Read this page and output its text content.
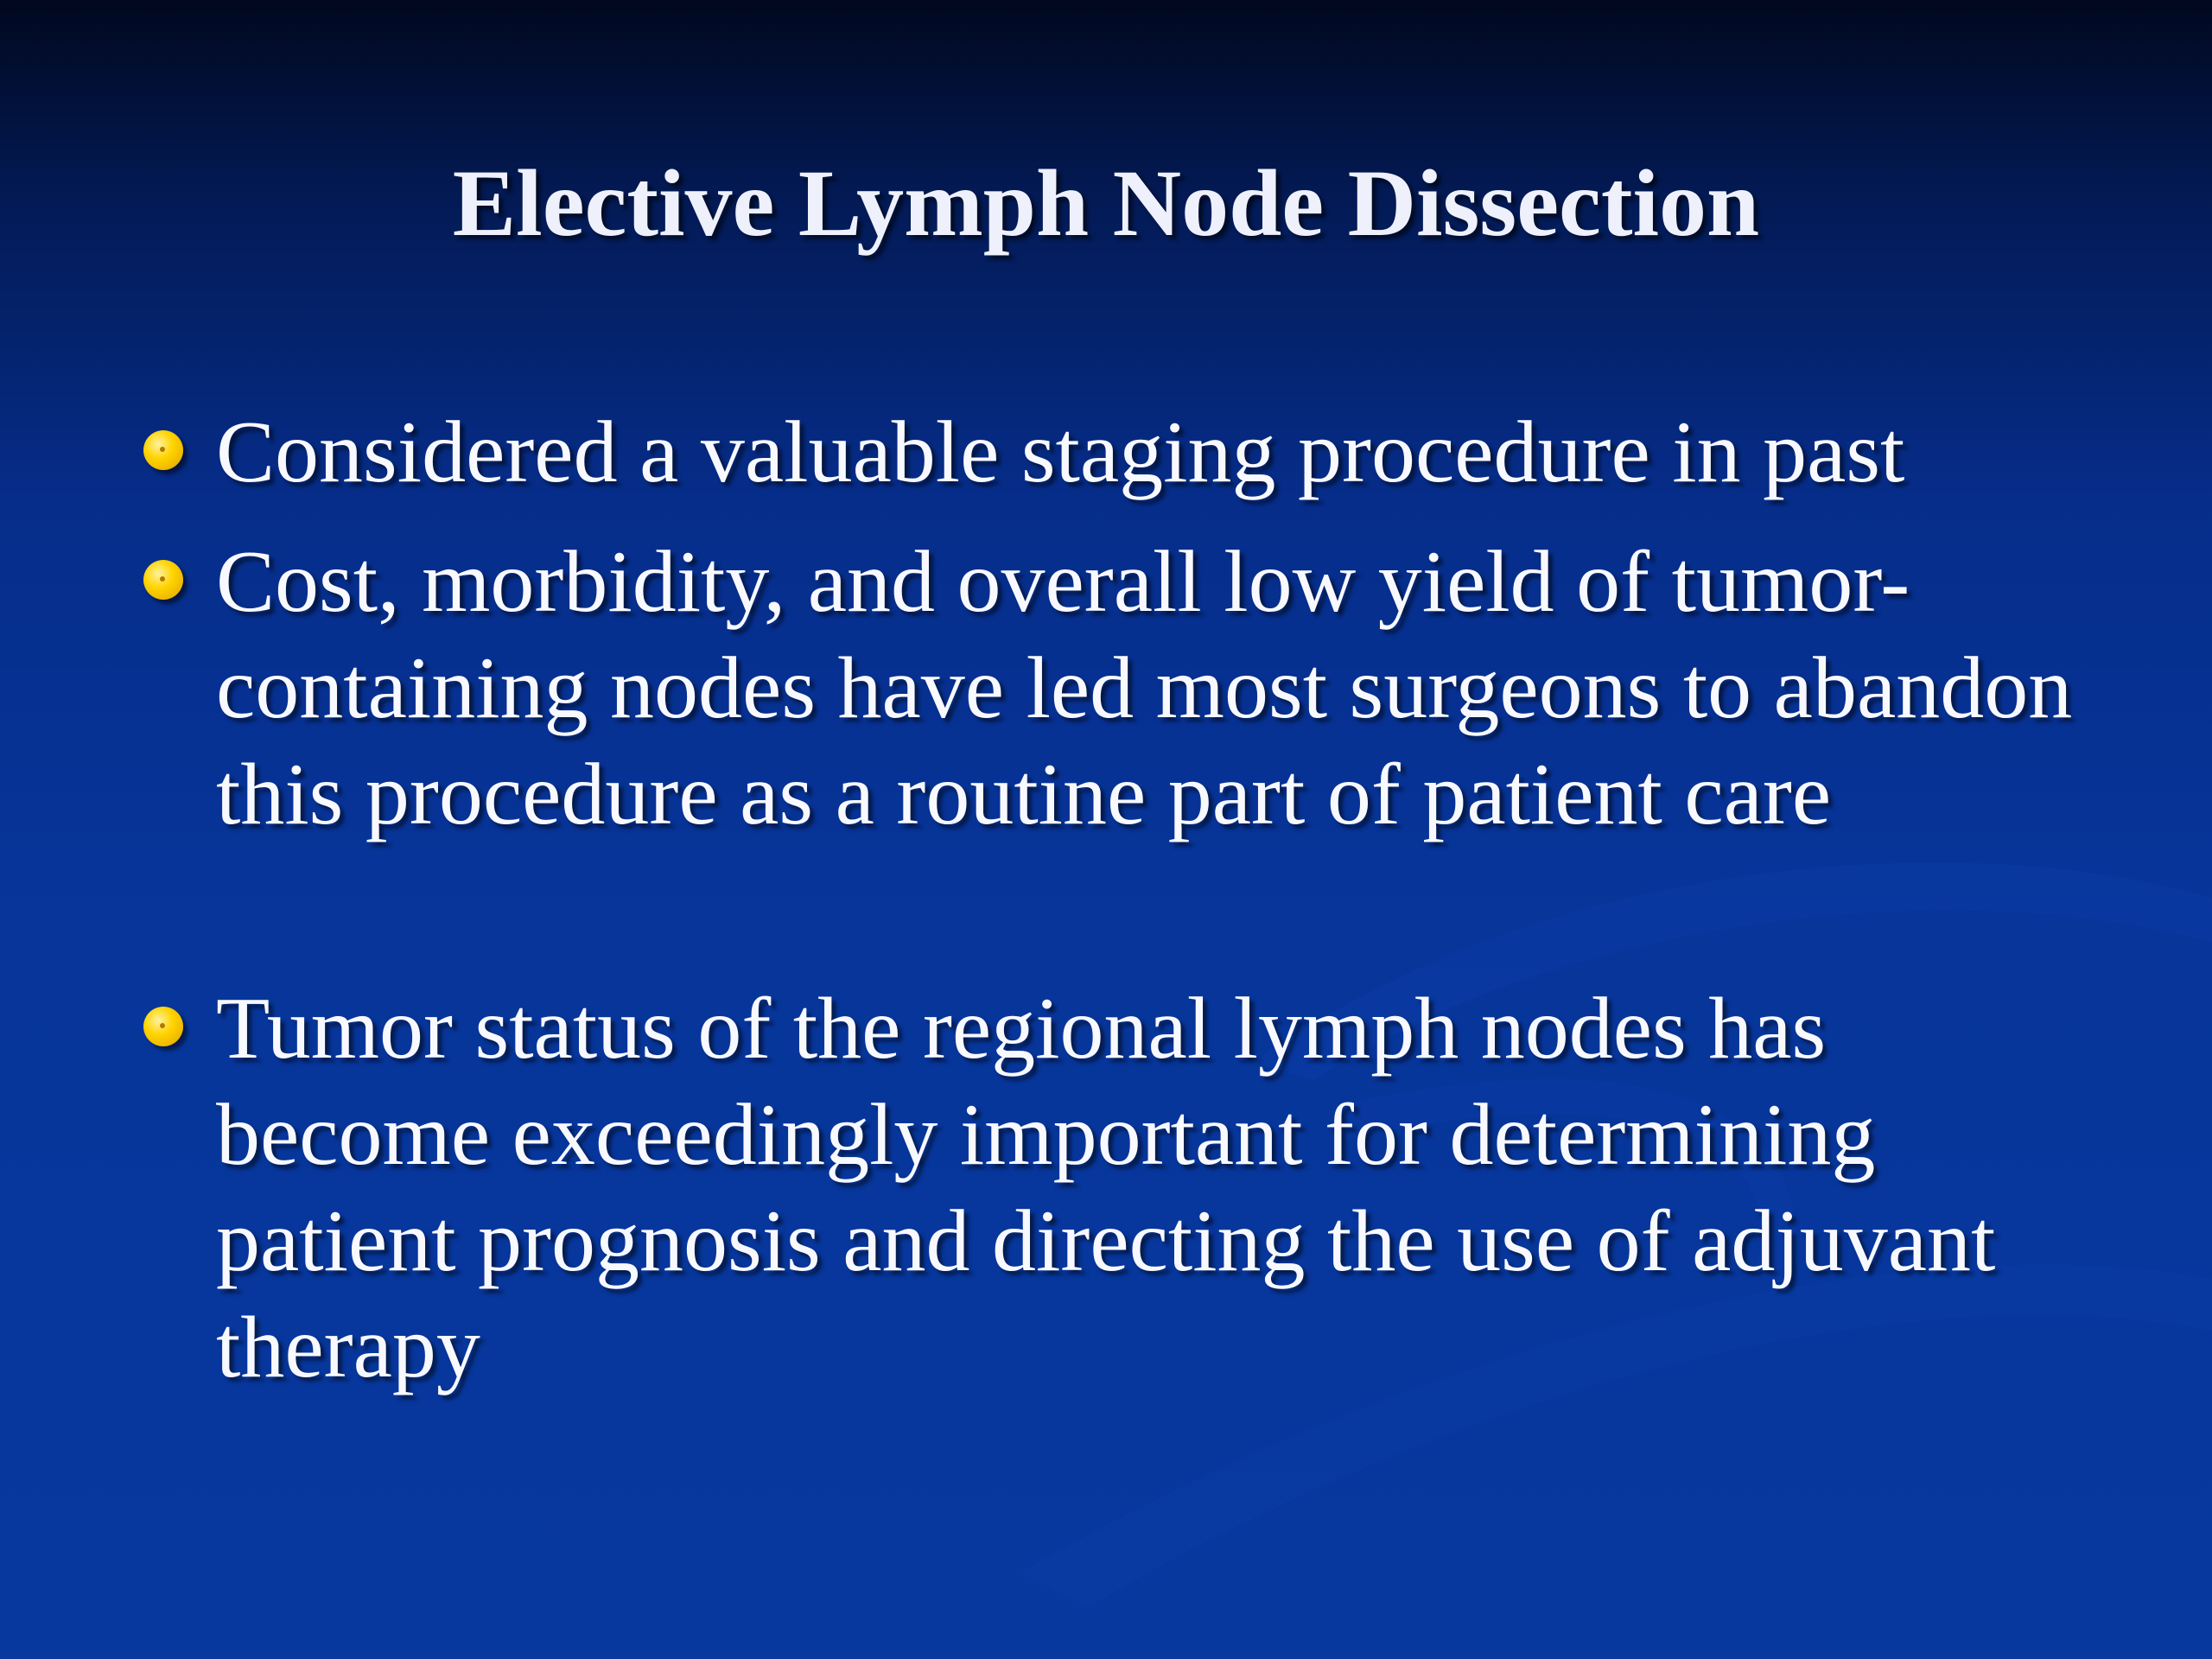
Elective Lymph Node Dissection
Considered a valuable staging procedure in past
Cost, morbidity, and overall low yield of tumor-containing nodes have led most surgeons to abandon this procedure as a routine part of patient care
Tumor status of the regional lymph nodes has become exceedingly important for determining patient prognosis and directing the use of adjuvant therapy
